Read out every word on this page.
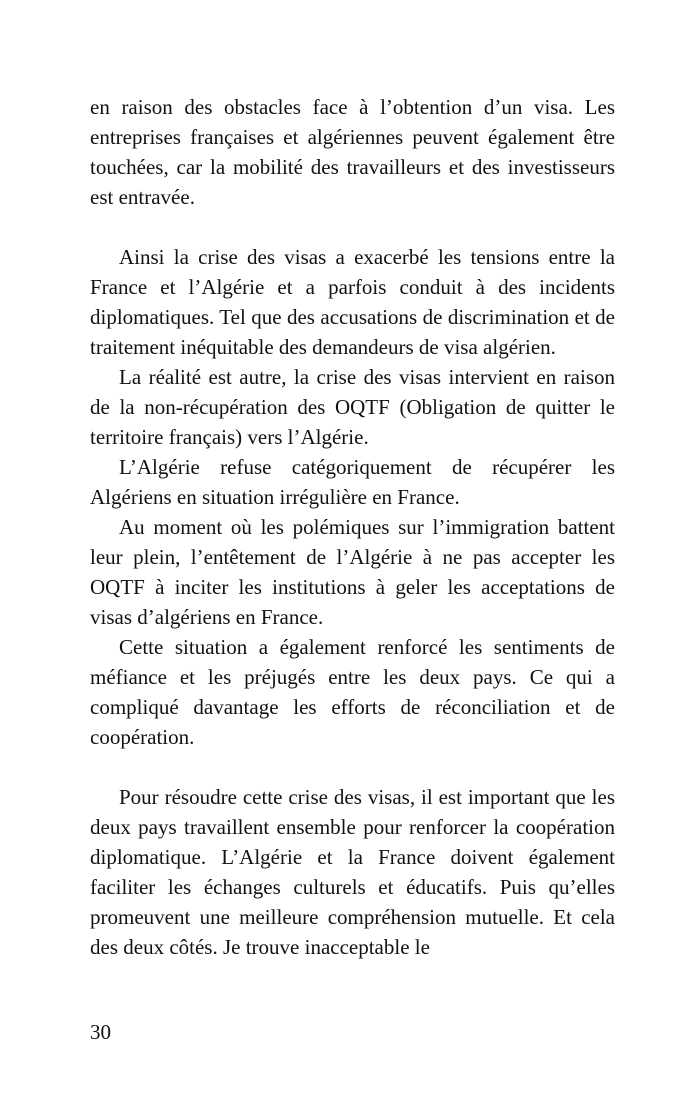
en raison des obstacles face à l’obtention d’un visa. Les entreprises françaises et algériennes peuvent également être touchées, car la mobilité des travailleurs et des investisseurs est entravée.

Ainsi la crise des visas a exacerbé les tensions entre la France et l’Algérie et a parfois conduit à des incidents diplomatiques. Tel que des accusations de discrimination et de traitement inéquitable des demandeurs de visa algérien.

La réalité est autre, la crise des visas intervient en raison de la non-récupération des OQTF (Obligation de quitter le territoire français) vers l’Algérie.

L’Algérie refuse catégoriquement de récupérer les Algériens en situation irrégulière en France.

Au moment où les polémiques sur l’immigration battent leur plein, l’entêtement de l’Algérie à ne pas accepter les OQTF à inciter les institutions à geler les acceptations de visas d’algériens en France.

Cette situation a également renforcé les sentiments de méfiance et les préjugés entre les deux pays. Ce qui a compliqué davantage les efforts de réconciliation et de coopération.

Pour résoudre cette crise des visas, il est important que les deux pays travaillent ensemble pour renforcer la coopération diplomatique. L’Algérie et la France doivent également faciliter les échanges culturels et éducatifs. Puis qu’elles promeuvent une meilleure compréhension mutuelle. Et cela des deux côtés. Je trouve inacceptable le

30
